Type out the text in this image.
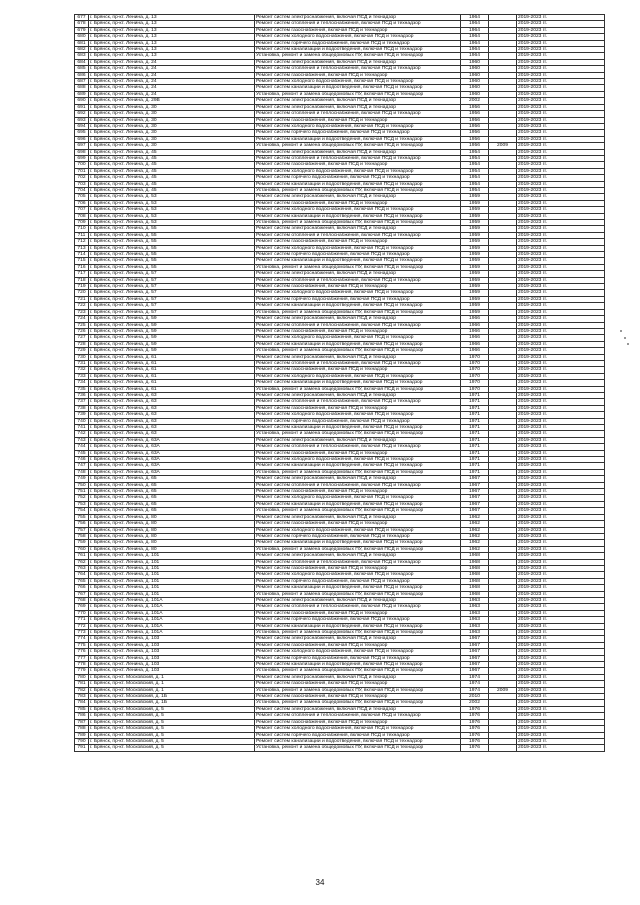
677	г. Брянск, пр-кт. Ленина, д. 13	Ремонт систем электроснабжения, включая ПСД и технадзор	1964		2019-2023 гг.
678	г. Брянск, пр-кт. Ленина, д. 13	Ремонт систем отопления и теплоснабжения, включая ПСД и технадзор	1964		2019-2023 гг.
679	г. Брянск, пр-кт. Ленина, д. 13	Ремонт систем газоснабжения, включая ПСД и технадзор	1964		2019-2023 гг.
680	г. Брянск, пр-кт. Ленина, д. 13	Ремонт систем холодного водоснабжения, включая ПСД и технадзор	1964		2019-2023 гг.
681	г. Брянск, пр-кт. Ленина, д. 13	Ремонт систем горячего водоснабжения, включая ПСД и технадзор	1964		2019-2023 гг.
682	г. Брянск, пр-кт. Ленина, д. 13	Ремонт систем канализации и водоотведения, включая ПСД и технадзор	1964		2019-2023 гг.
683	г. Брянск, пр-кт. Ленина, д. 13	Установка, ремонт и замена общедомовых ПУ, включая ПСД и технадзор	1964		2019-2023 гг.
684	г. Брянск, пр-кт. Ленина, д. 24	Ремонт систем электроснабжения, включая ПСД и технадзор	1960		2019-2023 гг.
685	г. Брянск, пр-кт. Ленина, д. 24	Ремонт систем отопления и теплоснабжения, включая ПСД и технадзор	1960		2019-2023 гг.
686	г. Брянск, пр-кт. Ленина, д. 24	Ремонт систем газоснабжения, включая ПСД и технадзор	1960		2019-2023 гг.
687	г. Брянск, пр-кт. Ленина, д. 24	Ремонт систем холодного водоснабжения, включая ПСД и технадзор	1960		2019-2023 гг.
688	г. Брянск, пр-кт. Ленина, д. 24	Ремонт систем канализации и водоотведения, включая ПСД и технадзор	1960		2019-2023 гг.
689	г. Брянск, пр-кт. Ленина, д. 24	Установка, ремонт и замена общедомовых ПУ, включая ПСД и технадзор	1960		2019-2023 гг.
690	г. Брянск, пр-кт. Ленина, д. 29В	Ремонт систем электроснабжения, включая ПСД и технадзор	2002		2019-2023 гг.
691	г. Брянск, пр-кт. Ленина, д. 30	Ремонт систем электроснабжения, включая ПСД и технадзор	1956		2019-2023 гг.
692	г. Брянск, пр-кт. Ленина, д. 30	Ремонт систем отопления и теплоснабжения, включая ПСД и технадзор	1956		2019-2023 гг.
693	г. Брянск, пр-кт. Ленина, д. 30	Ремонт систем газоснабжения, включая ПСД и технадзор	1956		2019-2023 гг.
694	г. Брянск, пр-кт. Ленина, д. 30	Ремонт систем холодного водоснабжения, включая ПСД и технадзор	1956		2019-2023 гг.
695	г. Брянск, пр-кт. Ленина, д. 30	Ремонт систем горячего водоснабжения, включая ПСД и технадзор	1956		2019-2023 гг.
696	г. Брянск, пр-кт. Ленина, д. 30	Ремонт систем канализации и водоотведения, включая ПСД и технадзор	1956		2019-2023 гг.
697	г. Брянск, пр-кт. Ленина, д. 30	Установка, ремонт и замена общедомовых ПУ, включая ПСД и технадзор	1956	2009	2019-2023 гг.
698	г. Брянск, пр-кт. Ленина, д. 45	Ремонт систем электроснабжения, включая ПСД и технадзор	1954		2019-2023 гг.
699	г. Брянск, пр-кт. Ленина, д. 45	Ремонт систем отопления и теплоснабжения, включая ПСД и технадзор	1954		2019-2023 гг.
700	г. Брянск, пр-кт. Ленина, д. 45	Ремонт систем газоснабжения, включая ПСД и технадзор	1954		2019-2023 гг.
701	г. Брянск, пр-кт. Ленина, д. 45	Ремонт систем холодного водоснабжения, включая ПСД и технадзор	1954		2019-2023 гг.
702	г. Брянск, пр-кт. Ленина, д. 45	Ремонт систем горячего водоснабжения, включая ПСД и технадзор	1954		2019-2023 гг.
703	г. Брянск, пр-кт. Ленина, д. 45	Ремонт систем канализации и водоотведения, включая ПСД и технадзор	1954		2019-2023 гг.
704	г. Брянск, пр-кт. Ленина, д. 45	Установка, ремонт и замена общедомовых ПУ, включая ПСД и технадзор	1954		2019-2023 гг.
705	г. Брянск, пр-кт. Ленина, д. 53	Ремонт систем электроснабжения, включая ПСД и технадзор	1959		2019-2023 гг.
706	г. Брянск, пр-кт. Ленина, д. 53	Ремонт систем газоснабжения, включая ПСД и технадзор	1959		2019-2023 гг.
707	г. Брянск, пр-кт. Ленина, д. 53	Ремонт систем холодного водоснабжения, включая ПСД и технадзор	1959		2019-2023 гг.
708	г. Брянск, пр-кт. Ленина, д. 53	Ремонт систем канализации и водоотведения, включая ПСД и технадзор	1959		2019-2023 гг.
709	г. Брянск, пр-кт. Ленина, д. 53	Установка, ремонт и замена общедомовых ПУ, включая ПСД и технадзор	1959		2019-2023 гг.
710	г. Брянск, пр-кт. Ленина, д. 55	Ремонт систем электроснабжения, включая ПСД и технадзор	1959		2019-2023 гг.
711	г. Брянск, пр-кт. Ленина, д. 55	Ремонт систем отопления и теплоснабжения, включая ПСД и технадзор	1959		2019-2023 гг.
712	г. Брянск, пр-кт. Ленина, д. 55	Ремонт систем газоснабжения, включая ПСД и технадзор	1959		2019-2023 гг.
713	г. Брянск, пр-кт. Ленина, д. 55	Ремонт систем холодного водоснабжения, включая ПСД и технадзор	1959		2019-2023 гг.
714	г. Брянск, пр-кт. Ленина, д. 55	Ремонт систем горячего водоснабжения, включая ПСД и технадзор	1959		2019-2023 гг.
715	г. Брянск, пр-кт. Ленина, д. 55	Ремонт систем канализации и водоотведения, включая ПСД и технадзор	1959		2019-2023 гг.
716	г. Брянск, пр-кт. Ленина, д. 55	Установка, ремонт и замена общедомовых ПУ, включая ПСД и технадзор	1959		2019-2023 гг.
717	г. Брянск, пр-кт. Ленина, д. 57	Ремонт систем электроснабжения, включая ПСД и технадзор	1959		2019-2023 гг.
718	г. Брянск, пр-кт. Ленина, д. 57	Ремонт систем отопления и теплоснабжения, включая ПСД и технадзор	1959		2019-2023 гг.
719	г. Брянск, пр-кт. Ленина, д. 57	Ремонт систем газоснабжения, включая ПСД и технадзор	1959		2019-2023 гг.
720	г. Брянск, пр-кт. Ленина, д. 57	Ремонт систем холодного водоснабжения, включая ПСД и технадзор	1959		2019-2023 гг.
721	г. Брянск, пр-кт. Ленина, д. 57	Ремонт систем горячего водоснабжения, включая ПСД и технадзор	1959		2019-2023 гг.
722	г. Брянск, пр-кт. Ленина, д. 57	Ремонт систем канализации и водоотведения, включая ПСД и технадзор	1959		2019-2023 гг.
723	г. Брянск, пр-кт. Ленина, д. 57	Установка, ремонт и замена общедомовых ПУ, включая ПСД и технадзор	1959		2019-2023 гг.
724	г. Брянск, пр-кт. Ленина, д. 59	Ремонт систем электроснабжения, включая ПСД и технадзор	1966		2019-2023 гг.
725	г. Брянск, пр-кт. Ленина, д. 59	Ремонт систем отопления и теплоснабжения, включая ПСД и технадзор	1966		2019-2023 гг.
726	г. Брянск, пр-кт. Ленина, д. 59	Ремонт систем газоснабжения, включая ПСД и технадзор	1966		2019-2023 гг.
727	г. Брянск, пр-кт. Ленина, д. 59	Ремонт систем холодного водоснабжения, включая ПСД и технадзор	1966		2019-2023 гг.
728	г. Брянск, пр-кт. Ленина, д. 59	Ремонт систем канализации и водоотведения, включая ПСД и технадзор	1966		2019-2023 гг.
729	г. Брянск, пр-кт. Ленина, д. 59	Установка, ремонт и замена общедомовых ПУ, включая ПСД и технадзор	1966		2019-2023 гг.
730	г. Брянск, пр-кт. Ленина, д. 61	Ремонт систем электроснабжения, включая ПСД и технадзор	1970		2019-2023 гг.
731	г. Брянск, пр-кт. Ленина, д. 61	Ремонт систем отопления и теплоснабжения, включая ПСД и технадзор	1970		2019-2023 гг.
732	г. Брянск, пр-кт. Ленина, д. 61	Ремонт систем газоснабжения, включая ПСД и технадзор	1970		2019-2023 гг.
733	г. Брянск, пр-кт. Ленина, д. 61	Ремонт систем холодного водоснабжения, включая ПСД и технадзор	1970		2019-2023 гг.
734	г. Брянск, пр-кт. Ленина, д. 61	Ремонт систем канализации и водоотведения, включая ПСД и технадзор	1970		2019-2023 гг.
735	г. Брянск, пр-кт. Ленина, д. 61	Установка, ремонт и замена общедомовых ПУ, включая ПСД и технадзор	1970		2019-2023 гг.
736	г. Брянск, пр-кт. Ленина, д. 63	Ремонт систем электроснабжения, включая ПСД и технадзор	1971		2019-2023 гг.
737	г. Брянск, пр-кт. Ленина, д. 63	Ремонт систем отопления и теплоснабжения, включая ПСД и технадзор	1971		2019-2023 гг.
738	г. Брянск, пр-кт. Ленина, д. 63	Ремонт систем газоснабжения, включая ПСД и технадзор	1971		2019-2023 гг.
739	г. Брянск, пр-кт. Ленина, д. 63	Ремонт систем холодного водоснабжения, включая ПСД и технадзор	1971		2019-2023 гг.
740	г. Брянск, пр-кт. Ленина, д. 63	Ремонт систем горячего водоснабжения, включая ПСД и технадзор	1971		2019-2023 гг.
741	г. Брянск, пр-кт. Ленина, д. 63	Ремонт систем канализации и водоотведения, включая ПСД и технадзор	1971		2019-2023 гг.
742	г. Брянск, пр-кт. Ленина, д. 63	Установка, ремонт и замена общедомовых ПУ, включая ПСД и технадзор	1971		2019-2023 гг.
743	г. Брянск, пр-кт. Ленина, д. 63А	Ремонт систем электроснабжения, включая ПСД и технадзор	1971		2019-2023 гг.
744	г. Брянск, пр-кт. Ленина, д. 63А	Ремонт систем отопления и теплоснабжения, включая ПСД и технадзор	1971		2019-2023 гг.
745	г. Брянск, пр-кт. Ленина, д. 63А	Ремонт систем газоснабжения, включая ПСД и технадзор	1971		2019-2023 гг.
746	г. Брянск, пр-кт. Ленина, д. 63А	Ремонт систем холодного водоснабжения, включая ПСД и технадзор	1971		2019-2023 гг.
747	г. Брянск, пр-кт. Ленина, д. 63А	Ремонт систем канализации и водоотведения, включая ПСД и технадзор	1971		2019-2023 гг.
748	г. Брянск, пр-кт. Ленина, д. 63А	Установка, ремонт и замена общедомовых ПУ, включая ПСД и технадзор	1971		2019-2023 гг.
749	г. Брянск, пр-кт. Ленина, д. 65	Ремонт систем электроснабжения, включая ПСД и технадзор	1967		2019-2023 гг.
750	г. Брянск, пр-кт. Ленина, д. 65	Ремонт систем отопления и теплоснабжения, включая ПСД и технадзор	1967		2019-2023 гг.
751	г. Брянск, пр-кт. Ленина, д. 65	Ремонт систем газоснабжения, включая ПСД и технадзор	1967		2019-2023 гг.
752	г. Брянск, пр-кт. Ленина, д. 65	Ремонт систем холодного водоснабжения, включая ПСД и технадзор	1967		2019-2023 гг.
753	г. Брянск, пр-кт. Ленина, д. 65	Ремонт систем канализации и водоотведения, включая ПСД и технадзор	1967		2019-2023 гг.
754	г. Брянск, пр-кт. Ленина, д. 65	Установка, ремонт и замена общедомовых ПУ, включая ПСД и технадзор	1967		2019-2023 гг.
755	г. Брянск, пр-кт. Ленина, д. 80	Ремонт систем электроснабжения, включая ПСД и технадзор	1962		2019-2023 гг.
756	г. Брянск, пр-кт. Ленина, д. 80	Ремонт систем газоснабжения, включая ПСД и технадзор	1962		2019-2023 гг.
757	г. Брянск, пр-кт. Ленина, д. 80	Ремонт систем холодного водоснабжения, включая ПСД и технадзор	1962		2019-2023 гг.
758	г. Брянск, пр-кт. Ленина, д. 80	Ремонт систем горячего водоснабжения, включая ПСД и технадзор	1962		2019-2023 гг.
759	г. Брянск, пр-кт. Ленина, д. 80	Ремонт систем канализации и водоотведения, включая ПСД и технадзор	1962		2019-2023 гг.
760	г. Брянск, пр-кт. Ленина, д. 80	Установка, ремонт и замена общедомовых ПУ, включая ПСД и технадзор	1962		2019-2023 гг.
761	г. Брянск, пр-кт. Ленина, д. 101	Ремонт систем электроснабжения, включая ПСД и технадзор	1968		2019-2023 гг.
762	г. Брянск, пр-кт. Ленина, д. 101	Ремонт систем отопления и теплоснабжения, включая ПСД и технадзор	1968		2019-2023 гг.
763	г. Брянск, пр-кт. Ленина, д. 101	Ремонт систем газоснабжения, включая ПСД и технадзор	1968		2019-2023 гг.
764	г. Брянск, пр-кт. Ленина, д. 101	Ремонт систем холодного водоснабжения, включая ПСД и технадзор	1968		2019-2023 гг.
765	г. Брянск, пр-кт. Ленина, д. 101	Ремонт систем горячего водоснабжения, включая ПСД и технадзор	1968		2019-2023 гг.
766	г. Брянск, пр-кт. Ленина, д. 101	Ремонт систем канализации и водоотведения, включая ПСД и технадзор	1968		2019-2023 гг.
767	г. Брянск, пр-кт. Ленина, д. 101	Установка, ремонт и замена общедомовых ПУ, включая ПСД и технадзор	1968		2019-2023 гг.
768	г. Брянск, пр-кт. Ленина, д. 101А	Ремонт систем электроснабжения, включая ПСД и технадзор	1963		2019-2023 гг.
769	г. Брянск, пр-кт. Ленина, д. 101А	Ремонт систем отопления и теплоснабжения, включая ПСД и технадзор	1963		2019-2023 гг.
770	г. Брянск, пр-кт. Ленина, д. 101А	Ремонт систем газоснабжения, включая ПСД и технадзор	1963		2019-2023 гг.
771	г. Брянск, пр-кт. Ленина, д. 101А	Ремонт систем горячего водоснабжения, включая ПСД и технадзор	1963		2019-2023 гг.
772	г. Брянск, пр-кт. Ленина, д. 101А	Ремонт систем канализации и водоотведения, включая ПСД и технадзор	1963		2019-2023 гг.
773	г. Брянск, пр-кт. Ленина, д. 101А	Установка, ремонт и замена общедомовых ПУ, включая ПСД и технадзор	1963		2019-2023 гг.
774	г. Брянск, пр-кт. Ленина, д. 103	Ремонт систем электроснабжения, включая ПСД и технадзор	1967		2019-2023 гг.
775	г. Брянск, пр-кт. Ленина, д. 103	Ремонт систем газоснабжения, включая ПСД и технадзор	1967		2019-2023 гг.
776	г. Брянск, пр-кт. Ленина, д. 103	Ремонт систем холодного водоснабжения, включая ПСД и технадзор	1967		2019-2023 гг.
777	г. Брянск, пр-кт. Ленина, д. 103	Ремонт систем горячего водоснабжения, включая ПСД и технадзор	1967		2019-2023 гг.
778	г. Брянск, пр-кт. Ленина, д. 103	Ремонт систем канализации и водоотведения, включая ПСД и технадзор	1967		2019-2023 гг.
779	г. Брянск, пр-кт. Ленина, д. 103	Установка, ремонт и замена общедомовых ПУ, включая ПСД и технадзор	1967		2019-2023 гг.
780	г. Брянск, пр-кт. Московский, д. 1	Ремонт систем электроснабжения, включая ПСД и технадзор	1974		2019-2023 гг.
781	г. Брянск, пр-кт. Московский, д. 1	Ремонт систем газоснабжения, включая ПСД и технадзор	1974		2019-2023 гг.
782	г. Брянск, пр-кт. Московский, д. 1	Установка, ремонт и замена общедомовых ПУ, включая ПСД и технадзор	1974	2009	2019-2023 гг.
783	г. Брянск, пр-кт. Московский, д. 1Б	Ремонт систем газоснабжения, включая ПСД и технадзор	2010		2019-2023 гг.
784	г. Брянск, пр-кт. Московский, д. 1Б	Установка, ремонт и замена общедомовых ПУ, включая ПСД и технадзор	2002		2019-2023 гг.
785	г. Брянск, пр-кт. Московский, д. 5	Ремонт систем электроснабжения, включая ПСД и технадзор	1976		2019-2023 гг.
786	г. Брянск, пр-кт. Московский, д. 5	Ремонт систем отопления и теплоснабжения, включая ПСД и технадзор	1976		2019-2023 гг.
787	г. Брянск, пр-кт. Московский, д. 5	Ремонт систем газоснабжения, включая ПСД и технадзор	1976		2019-2023 гг.
788	г. Брянск, пр-кт. Московский, д. 5	Ремонт систем холодного водоснабжения, включая ПСД и технадзор	1976		2019-2023 гг.
789	г. Брянск, пр-кт. Московский, д. 5	Ремонт систем горячего водоснабжения, включая ПСД и технадзор	1976		2019-2023 гг.
790	г. Брянск, пр-кт. Московский, д. 5	Ремонт систем канализации и водоотведения, включая ПСД и технадзор	1976		2019-2023 гг.
791	г. Брянск, пр-кт. Московский, д. 5	Установка, ремонт и замена общедомовых ПУ, включая ПСД и технадзор	1976		2019-2023 гг.
34
